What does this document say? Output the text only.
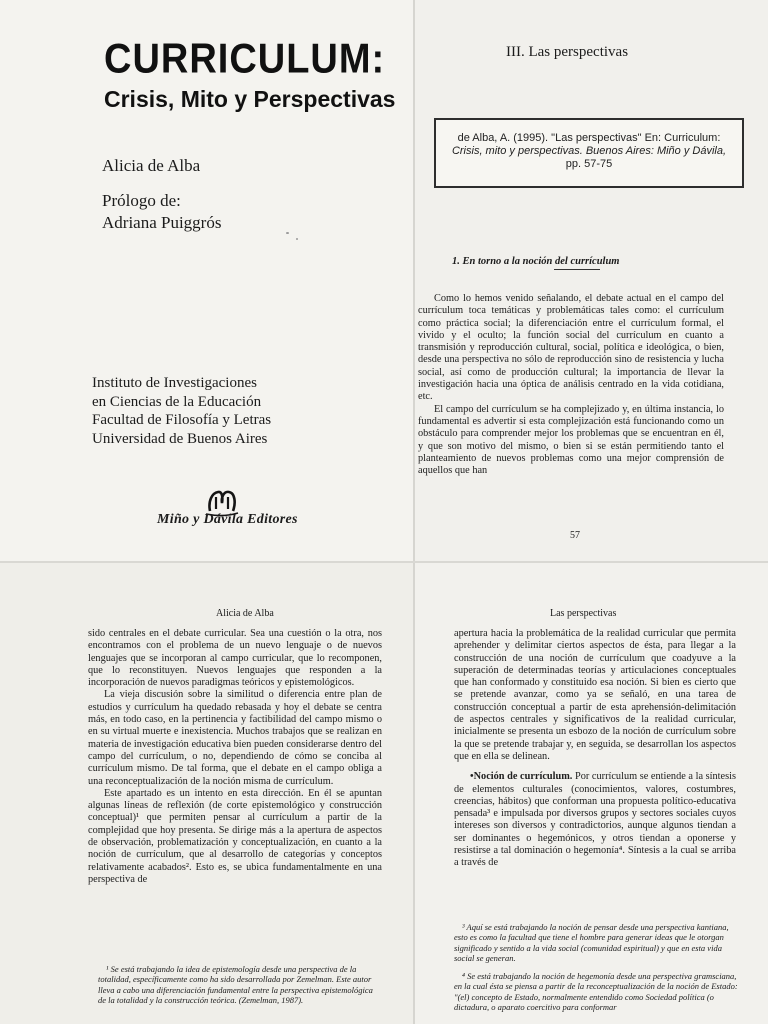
CURRICULUM:
Crisis, Mito y Perspectivas
Alicia de Alba
Prólogo de:
Adriana Puiggrós
Instituto de Investigaciones
en Ciencias de la Educación
Facultad de Filosofía y Letras
Universidad de Buenos Aires
Miño y Dávila Editores
III. Las perspectivas
de Alba, A. (1995). "Las perspectivas" En: Curriculum:
Crisis, mito y perspectivas. Buenos Aires: Miño y Dávila,
pp. 57-75
1. En torno a la noción del currículum

Como lo hemos venido señalando, el debate actual en el campo del currículum toca temáticas y problemáticas tales como: el currículum como práctica social; la diferenciación entre el currículum formal, el vivido y el oculto; la función social del currículum en cuanto a transmisión y reproducción cultural, social, política e ideológica, o bien, desde una perspectiva no sólo de reproducción sino de resistencia y lucha social, así como de producción cultural; la importancia de llevar la investigación hacia una óptica de análisis centrado en la vida cotidiana, etc.

El campo del currículum se ha complejizado y, en última instancia, lo fundamental es advertir si esta complejización está funcionando como un obstáculo para comprender mejor los problemas que se encuentran en él, y que son motivo del mismo, o bien si se están permitiendo tanto el planteamiento de nuevos problemas como una mejor comprensión de aquellos que han

57
Alicia de Alba

sido centrales en el debate curricular. Sea una cuestión o la otra, nos encontramos con el problema de un nuevo lenguaje o de nuevos lenguajes que se incorporan al campo curricular, que lo recomponen, que lo reconstituyen. Nuevos lenguajes que responden a la incorporación de nuevos paradigmas teóricos y epistemológicos.

La vieja discusión sobre la similitud o diferencia entre plan de estudios y currículum ha quedado rebasada y hoy el debate se centra más, en todo caso, en la pertinencia y factibilidad del campo mismo o en su virtual muerte e inexistencia. Muchos trabajos que se realizan en materia de investigación educativa bien pueden considerarse dentro del campo del currículum, o no, dependiendo de cómo se conciba al currículum mismo. De tal forma, que el debate en el campo obliga a una reconceptualización de la noción misma de currículum.

Este apartado es un intento en esta dirección. En él se apuntan algunas líneas de reflexión (de corte epistemológico y construcción conceptual)¹ que permiten pensar al currículum a partir de la complejidad que hoy presenta. Se dirige más a la apertura de aspectos de observación, problematización y conceptualización, en cuanto a la noción de currículum, que al desarrollo de categorías y conceptos relativamente acabados². Esto es, se ubica fundamentalmente en una perspectiva de

¹ Se está trabajando la idea de epistemología desde una perspectiva de la totalidad, específicamente como ha sido desarrollada por Zemelman. Este autor lleva a cabo una diferenciación fundamental entre la perspectiva epistemológica de la totalidad y la construcción teórica. (Zemelman, 1987).

Las perspectivas

apertura hacia la problemática de la realidad curricular que permita aprehender y delimitar ciertos aspectos de ésta, para llegar a la construcción de una noción de currículum que coadyuve a la superación de determinadas teorías y articulaciones conceptuales que han conformado y constituido esa noción. Si bien es cierto que se pretende avanzar, como ya se señaló, en una tarea de construcción conceptual a partir de esta aprehensión-delimitación de aspectos centrales y significativos de la realidad curricular, inicialmente se presenta un esbozo de la noción de currículum sobre la que se pretende trabajar y, en seguida, se desarrollan los aspectos que en ella se delinean.

•Noción de currículum. Por currículum se entiende a la síntesis de elementos culturales (conocimientos, valores, costumbres, creencias, hábitos) que conforman una propuesta político-educativa pensada³ e impulsada por diversos grupos y sectores sociales cuyos intereses son diversos y contradictorios, aunque algunos tiendan a ser dominantes o hegemónicos, y otros tiendan a oponerse y resistirse a tal dominación o hegemonía⁴. Síntesis a la cual se arriba a través de

³ Aquí se está trabajando la noción de pensar desde una perspectiva kantiana, esto es como la facultad que tiene el hombre para generar ideas que le otorgan significado y sentido a la vida social (comunidad espiritual) y que en esta vida social se generan.

⁴ Se está trabajando la noción de hegemonía desde una perspectiva gramsciana, en la cual ésta se piensa a partir de la reconceptualización de la noción de Estado: "(el) concepto de Estado, normalmente entendido como Sociedad política (o dictadura, o aparato coercitivo para conformar
